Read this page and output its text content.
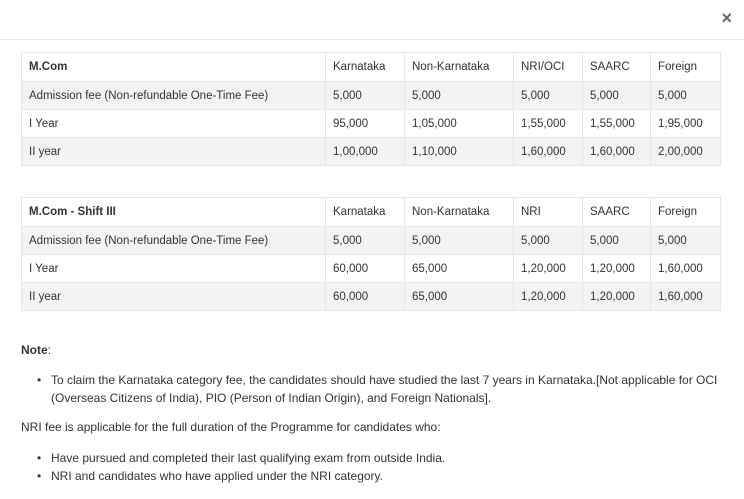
×
M.Com	Karnataka	Non-Karnataka	NRI/OCI	SAARC	Foreign
Admission fee (Non-refundable One-Time Fee)	5,000	5,000	5,000	5,000	5,000
I Year	95,000	1,05,000	1,55,000	1,55,000	1,95,000
II year	1,00,000	1,10,000	1,60,000	1,60,000	2,00,000
M.Com - Shift III	Karnataka	Non-Karnataka	NRI	SAARC	Foreign
Admission fee (Non-refundable One-Time Fee)	5,000	5,000	5,000	5,000	5,000
I Year	60,000	65,000	1,20,000	1,20,000	1,60,000
II year	60,000	65,000	1,20,000	1,20,000	1,60,000
Note:
• To claim the Karnataka category fee, the candidates should have studied the last 7 years in Karnataka.[Not applicable for OCI (Overseas Citizens of India), PIO (Person of Indian Origin), and Foreign Nationals].
NRI fee is applicable for the full duration of the Programme for candidates who:
• Have pursued and completed their last qualifying exam from outside India.
• NRI and candidates who have applied under the NRI category.
